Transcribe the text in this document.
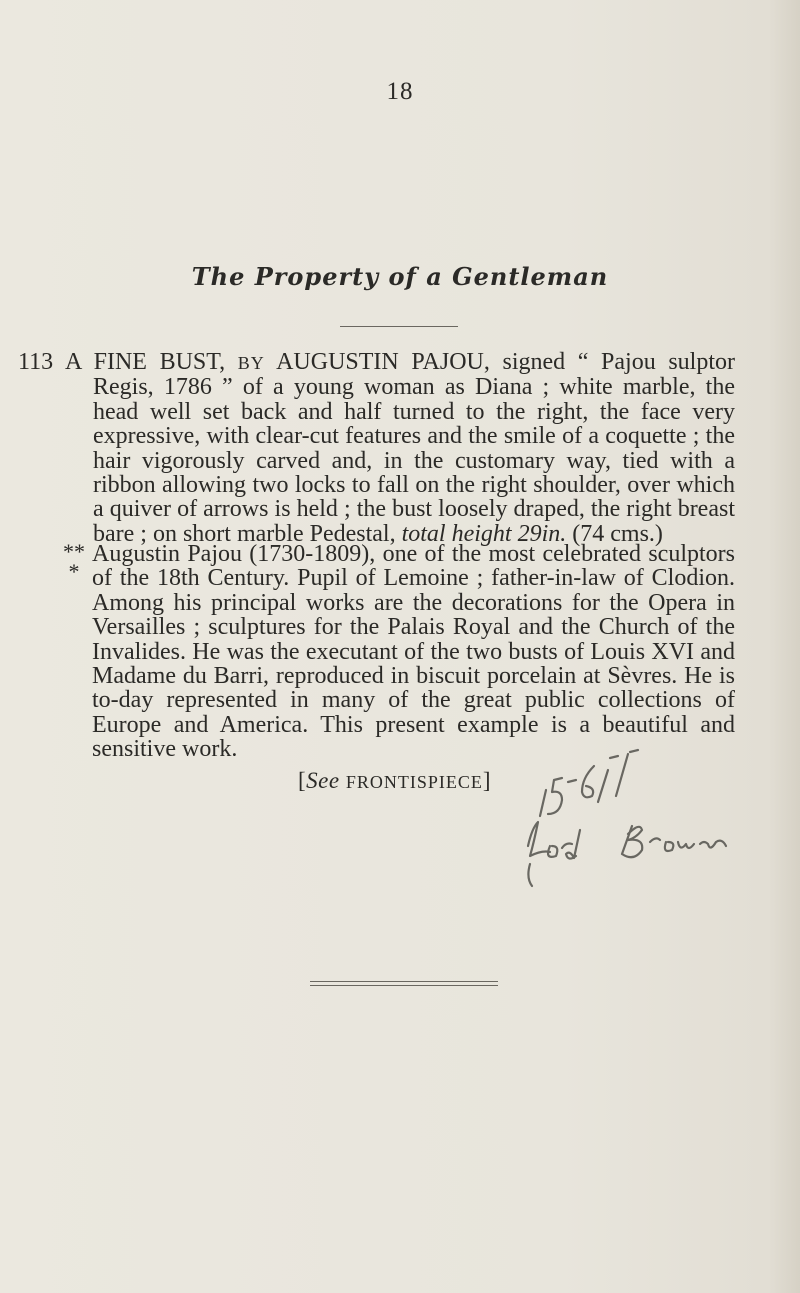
18
The Property of a Gentleman
113 A FINE BUST, BY AUGUSTIN PAJOU, signed “ Pajou sulptor Regis, 1786 ” of a young woman as Diana ; white marble, the head well set back and half turned to the right, the face very expressive, with clear-cut features and the smile of a coquette ; the hair vigorously carved and, in the customary way, tied with a ribbon allowing two locks to fall on the right shoulder, over which a quiver of arrows is held ; the bust loosely draped, the right breast bare ; on short marble Pedestal, total height 29in. (74 cms.)
**
*
Augustin Pajou (1730-1809), one of the most celebrated sculptors of the 18th Century. Pupil of Lemoine ; father-in-law of Clodion. Among his principal works are the decorations for the Opera in Versailles ; sculptures for the Palais Royal and the Church of the Invalides. He was the executant of the two busts of Louis XVI and Madame du Barri, reproduced in biscuit porcelain at Sèvres. He is to-day represented in many of the great public collections of Europe and America. This present example is a beautiful and sensitive work.
[See FRONTISPIECE]
